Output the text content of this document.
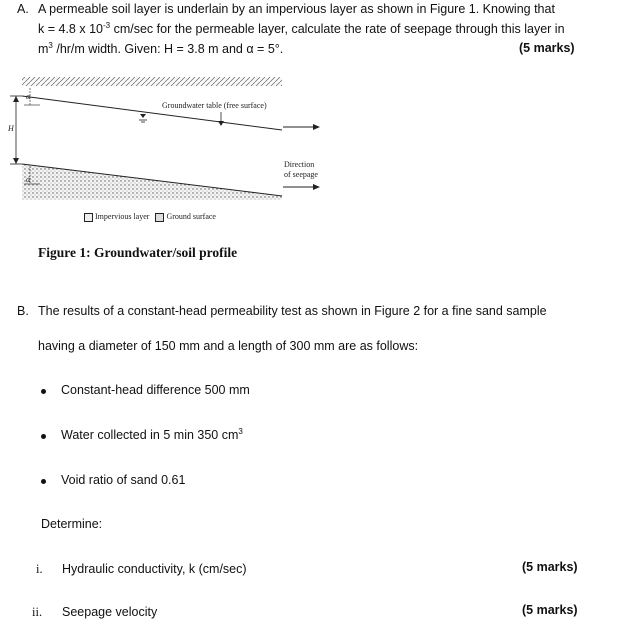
A. A permeable soil layer is underlain by an impervious layer as shown in Figure 1. Knowing that
k = 4.8 x $10^{-3}$ cm/sec for the permeable layer, calculate the rate of seepage through this layer in
$m^3$ /hr/m width. Given: H = 3.8 m and α = 5°.	(5 marks)
Groundwater table (free surface)
Direction
of seepage
α
α
H
Impervious layer Ground surface
Figure 1: Groundwater/soil profile
B. The results of a constant-head permeability test as shown in Figure 2 for a fine sand sample
having a diameter of 150 mm and a length of 300 mm are as follows:
Constant-head difference 500 mm
Water collected in 5 min 350 $cm^3$
Void ratio of sand 0.61
Determine:
i. Hydraulic conductivity, k (cm/sec)	(5 marks)
ii. Seepage velocity	(5 marks)
